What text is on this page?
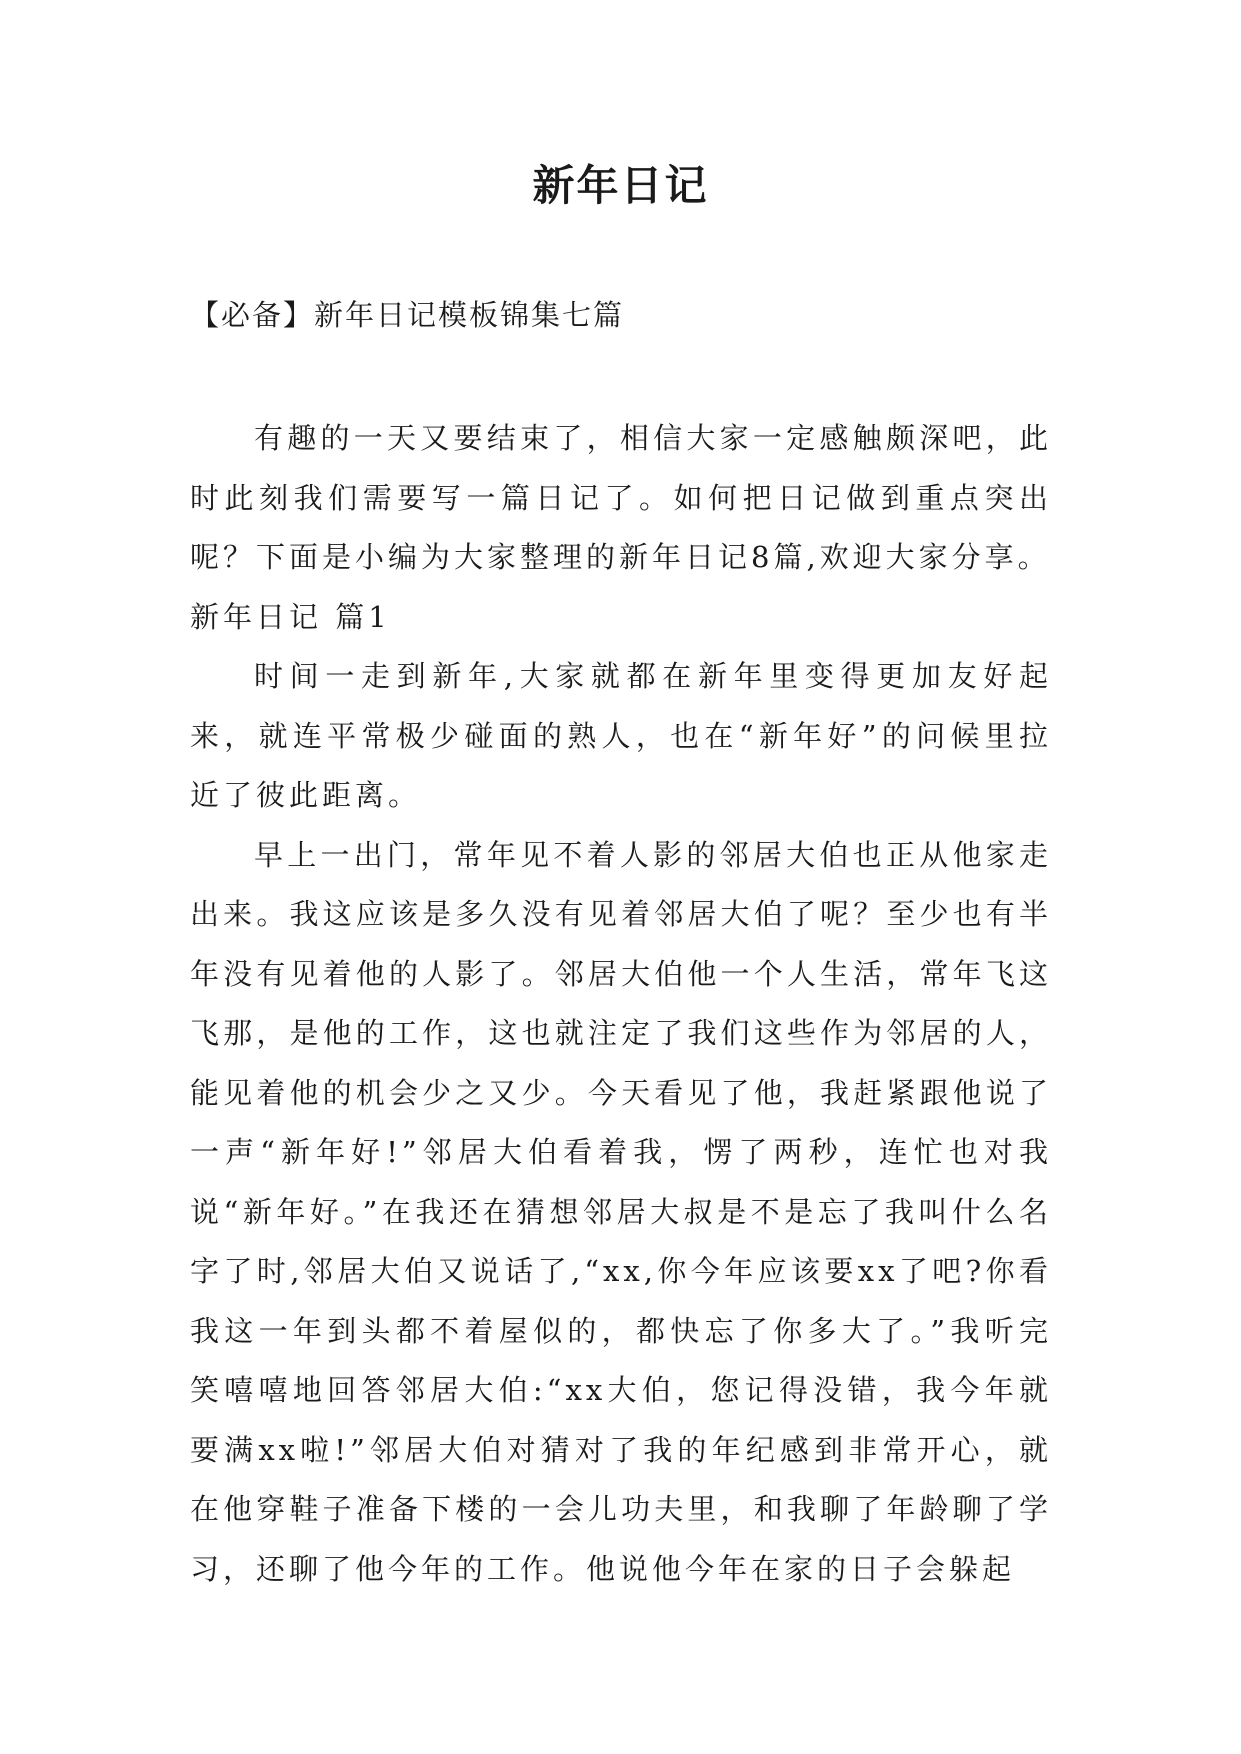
新年日记

【必备】新年日记模板锦集七篇

有趣的一天又要结束了，相信大家一定感触颇深吧，此时此刻我们需要写一篇日记了。如何把日记做到重点突出呢？下面是小编为大家整理的新年日记8篇,欢迎大家分享。

新年日记 篇1

时间一走到新年,大家就都在新年里变得更加友好起来，就连平常极少碰面的熟人，也在“新年好”的问候里拉近了彼此距离。

早上一出门，常年见不着人影的邻居大伯也正从他家走出来。我这应该是多久没有见着邻居大伯了呢？至少也有半年没有见着他的人影了。邻居大伯他一个人生活，常年飞这飞那，是他的工作，这也就注定了我们这些作为邻居的人，能见着他的机会少之又少。今天看见了他，我赶紧跟他说了一声“新年好!”邻居大伯看着我，愣了两秒，连忙也对我说“新年好。”在我还在猜想邻居大叔是不是忘了我叫什么名字了时,邻居大伯又说话了,“xx,你今年应该要xx了吧?你看我这一年到头都不着屋似的，都快忘了你多大了。”我听完笑嘻嘻地回答邻居大伯:“xx大伯，您记得没错，我今年就要满xx啦!”邻居大伯对猜对了我的年纪感到非常开心，就在他穿鞋子准备下楼的一会儿功夫里，和我聊了年龄聊了学习，还聊了他今年的工作。他说他今年在家的日子会躲起
